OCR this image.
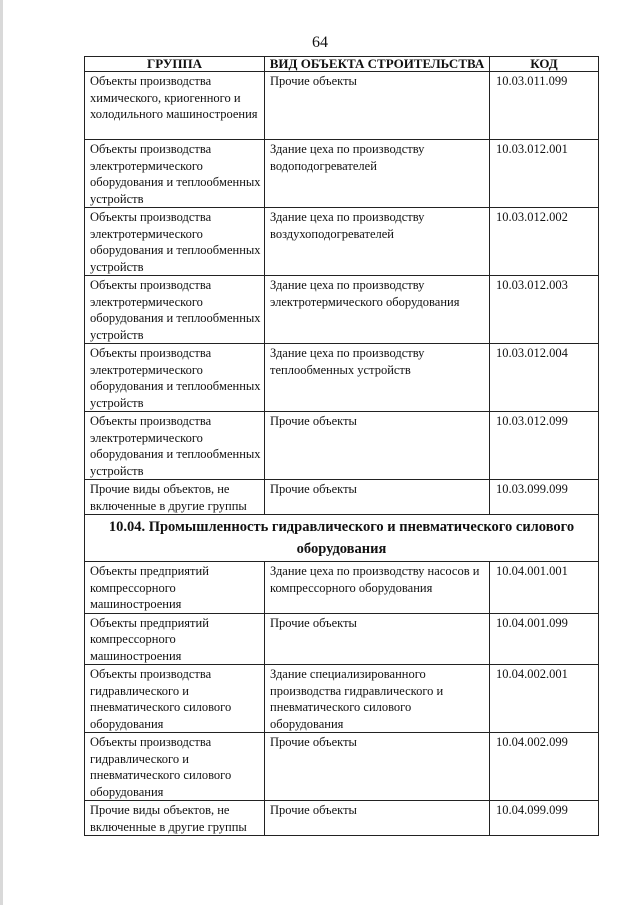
64
ГРУППА	ВИД ОБЪЕКТА СТРОИТЕЛЬСТВА	КОД
Объекты производства химического, криогенного и холодильного машиностроения	Прочие объекты	10.03.011.099
Объекты производства электротермического оборудования и теплообменных устройств	Здание цеха по производству водоподогревателей	10.03.012.001
Объекты производства электротермического оборудования и теплообменных устройств	Здание цеха по производству воздухоподогревателей	10.03.012.002
Объекты производства электротермического оборудования и теплообменных устройств	Здание цеха по производству электротермического оборудования	10.03.012.003
Объекты производства электротермического оборудования и теплообменных устройств	Здание цеха по производству теплообменных устройств	10.03.012.004
Объекты производства электротермического оборудования и теплообменных устройств	Прочие объекты	10.03.012.099
Прочие виды объектов, не включенные в другие группы	Прочие объекты	10.03.099.099
10.04. Промышленность гидравлического и пневматического силового оборудования		
Объекты предприятий компрессорного машиностроения	Здание цеха по производству насосов и компрессорного оборудования	10.04.001.001
Объекты предприятий компрессорного машиностроения	Прочие объекты	10.04.001.099
Объекты производства гидравлического и пневматического силового оборудования	Здание специализированного производства гидравлического и пневматического силового оборудования	10.04.002.001
Объекты производства гидравлического и пневматического силового оборудования	Прочие объекты	10.04.002.099
Прочие виды объектов, не включенные в другие группы	Прочие объекты	10.04.099.099
